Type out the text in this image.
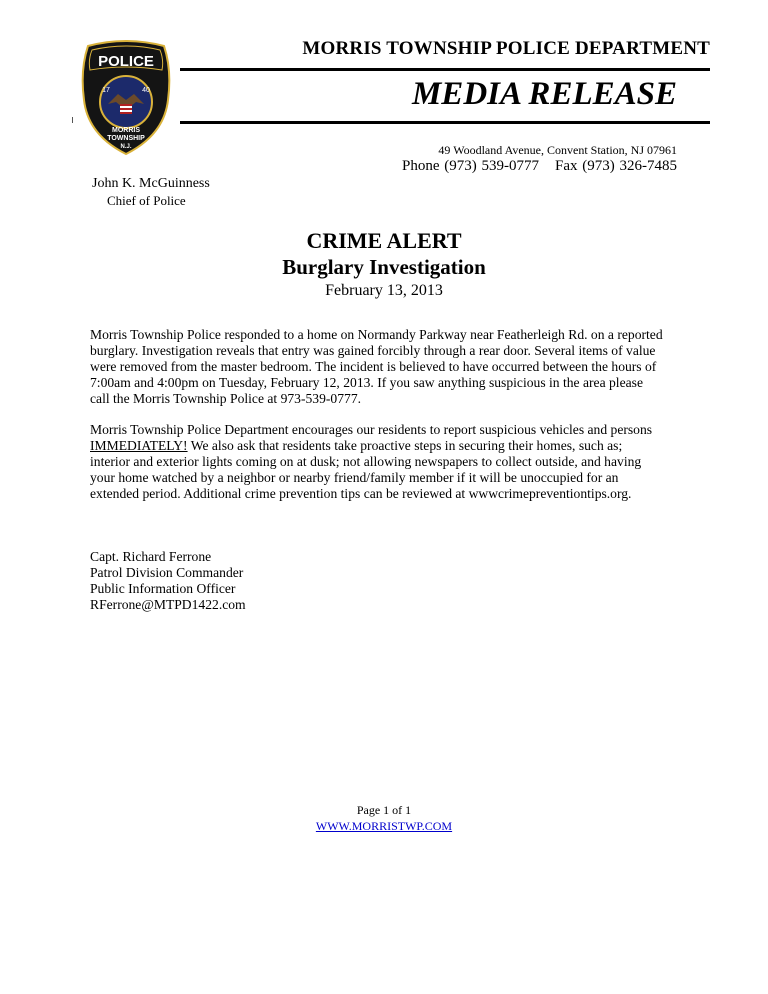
POLICE
17	40
MORRIS
TOWNSHIP
N.J.
MORRIS TOWNSHIP POLICE DEPARTMENT
MEDIA RELEASE
49 Woodland Avenue, Convent Station, NJ 07961
Phone (973) 539-0777 Fax (973) 326-7485
John K. McGuinness
Chief of Police
CRIME ALERT
Burglary Investigation
February 13, 2013
Morris Township Police responded to a home on Normandy Parkway near Featherleigh Rd. on a reported
burglary. Investigation reveals that entry was gained forcibly through a rear door. Several items of value
were removed from the master bedroom. The incident is believed to have occurred between the hours of
7:00am and 4:00pm on Tuesday, February 12, 2013. If you saw anything suspicious in the area please
call the Morris Township Police at 973-539-0777.
Morris Township Police Department encourages our residents to report suspicious vehicles and persons
IMMEDIATELY! We also ask that residents take proactive steps in securing their homes, such as;
interior and exterior lights coming on at dusk; not allowing newspapers to collect outside, and having
your home watched by a neighbor or nearby friend/family member if it will be unoccupied for an
extended period. Additional crime prevention tips can be reviewed at wwwcrimepreventiontips.org.
Capt. Richard Ferrone
Patrol Division Commander
Public Information Officer
RFerrone@MTPD1422.com
Page 1 of 1
WWW.MORRISTWP.COM
